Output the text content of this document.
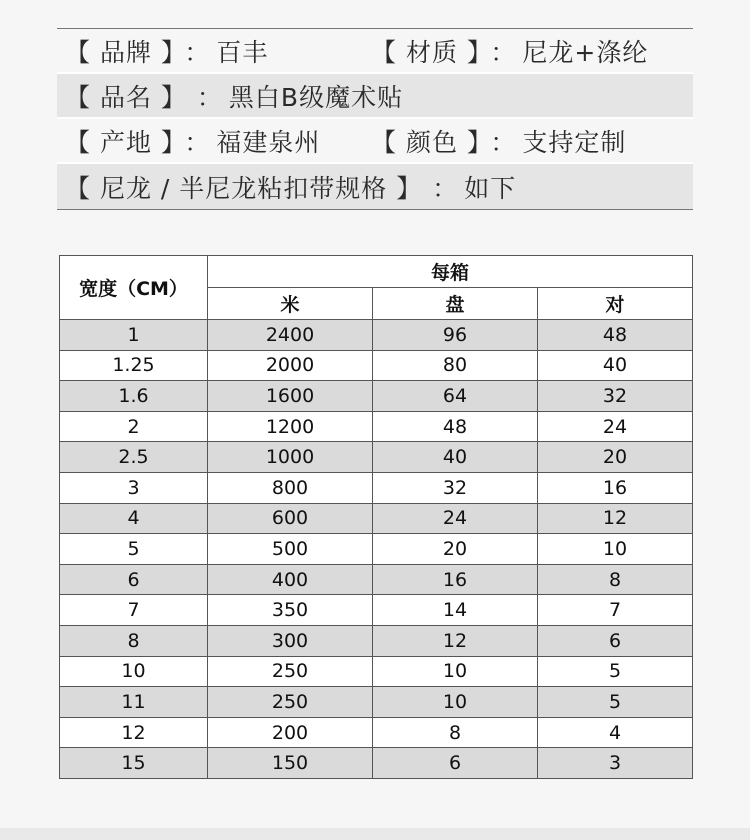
【 品牌 】 ： 百丰	【 材质 】 ： 尼龙+涤纶
【 品名 】 ： 黑白B级魔术贴
【 产地 】 ： 福建泉州	【 颜色 】 ： 支持定制
【 尼龙 / 半尼龙粘扣带规格 】 ： 如下
宽度（CM）	每箱		
	米	盘	对
1	2400	96	48
1.25	2000	80	40
1.6	1600	64	32
2	1200	48	24
2.5	1000	40	20
3	800	32	16
4	600	24	12
5	500	20	10
6	400	16	8
7	350	14	7
8	300	12	6
10	250	10	5
11	250	10	5
12	200	8	4
15	150	6	3
